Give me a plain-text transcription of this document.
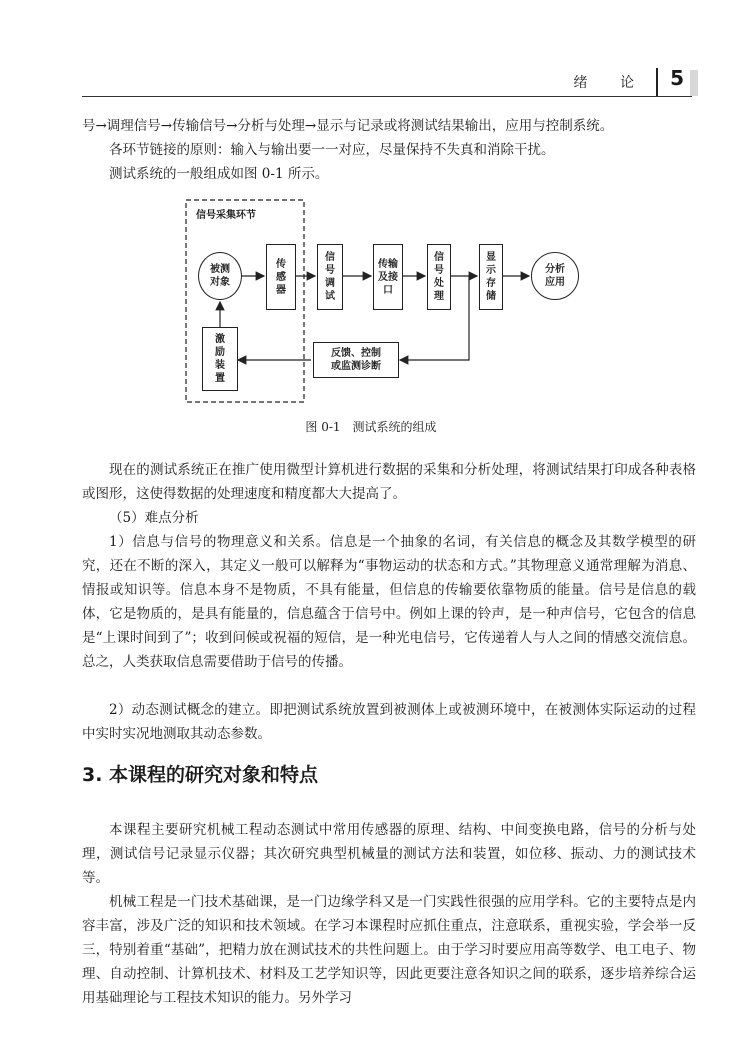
绪 论 5

号→调理信号→传输信号→分析与处理→显示与记录或将测试结果输出，应用与控制系统。

各环节链接的原则：输入与输出要一一对应，尽量保持不失真和消除干扰。

测试系统的一般组成如图 0-1 所示。

信号采集环节
被测对象
传感器
信号调试
传输及接口
信号处理
显示存储
分析应用
激励装置
反馈、控制或监测诊断
图 0-1　测试系统的组成

现在的测试系统正在推广使用微型计算机进行数据的采集和分析处理，将测试结果打印成各种表格或图形，这使得数据的处理速度和精度都大大提高了。

（5）难点分析

1）信息与信号的物理意义和关系。信息是一个抽象的名词，有关信息的概念及其数学模型的研究，还在不断的深入，其定义一般可以解释为“事物运动的状态和方式。”其物理意义通常理解为消息、情报或知识等。信息本身不是物质，不具有能量，但信息的传输要依靠物质的能量。信号是信息的载体，它是物质的，是具有能量的，信息蕴含于信号中。例如上课的铃声，是一种声信号，它包含的信息是“上课时间到了”；收到问候或祝福的短信，是一种光电信号，它传递着人与人之间的情感交流信息。总之，人类获取信息需要借助于信号的传播。

2）动态测试概念的建立。即把测试系统放置到被测体上或被测环境中，在被测体实际运动的过程中实时实况地测取其动态参数。

3. 本课程的研究对象和特点

本课程主要研究机械工程动态测试中常用传感器的原理、结构、中间变换电路，信号的分析与处理，测试信号记录显示仪器；其次研究典型机械量的测试方法和装置，如位移、振动、力的测试技术等。

机械工程是一门技术基础课，是一门边缘学科又是一门实践性很强的应用学科。它的主要特点是内容丰富，涉及广泛的知识和技术领域。在学习本课程时应抓住重点，注意联系，重视实验，学会举一反三，特别着重“基础”，把精力放在测试技术的共性问题上。由于学习时要应用高等数学、电工电子、物理、自动控制、计算机技术、材料及工艺学知识等，因此更要注意各知识之间的联系，逐步培养综合运用基础理论与工程技术知识的能力。另外学习
